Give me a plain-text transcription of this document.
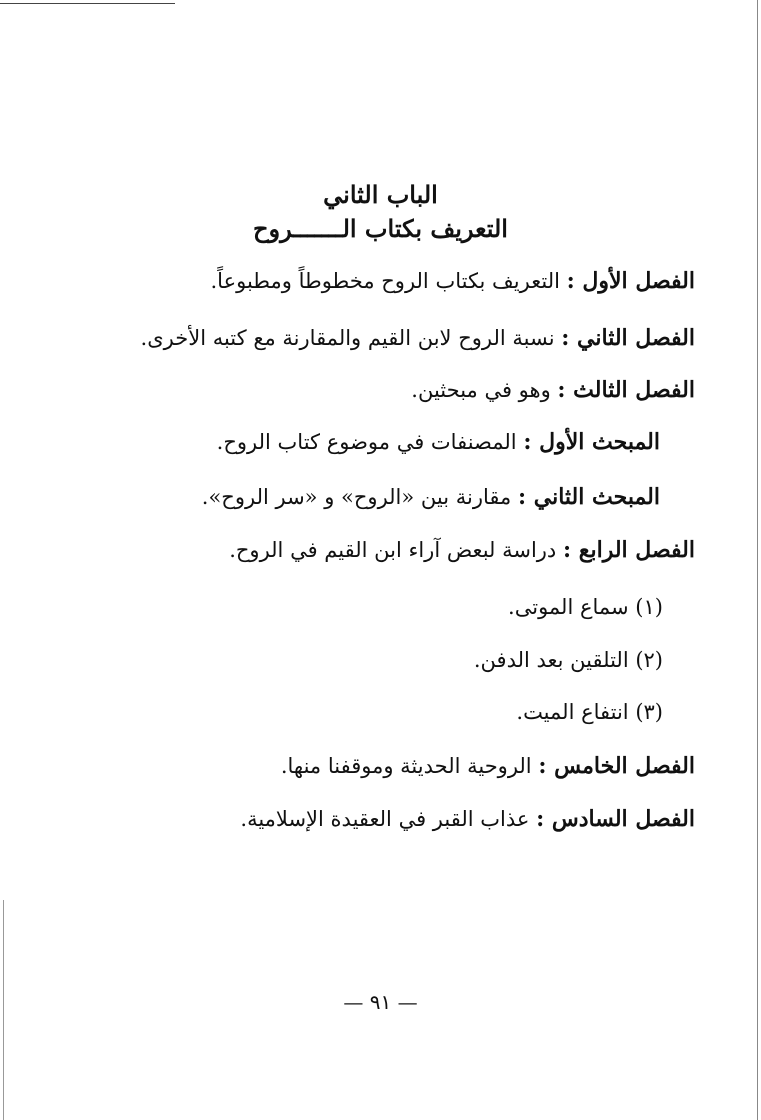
الباب الثاني
التعريف بكتاب الـــــــروح
الفصل الأول : التعريف بكتاب الروح مخطوطاً ومطبوعاً.
الفصل الثاني : نسبة الروح لابن القيم والمقارنة مع كتبه الأخرى.
الفصل الثالث : وهو في مبحثين.
المبحث الأول : المصنفات في موضوع كتاب الروح.
المبحث الثاني : مقارنة بين «الروح» و «سر الروح».
الفصل الرابع : دراسة لبعض آراء ابن القيم في الروح.
(١) سماع الموتى.
(٢) التلقين بعد الدفن.
(٣) انتفاع الميت.
الفصل الخامس : الروحية الحديثة وموقفنا منها.
الفصل السادس : عذاب القبر في العقيدة الإسلامية.
— ٩١ —
